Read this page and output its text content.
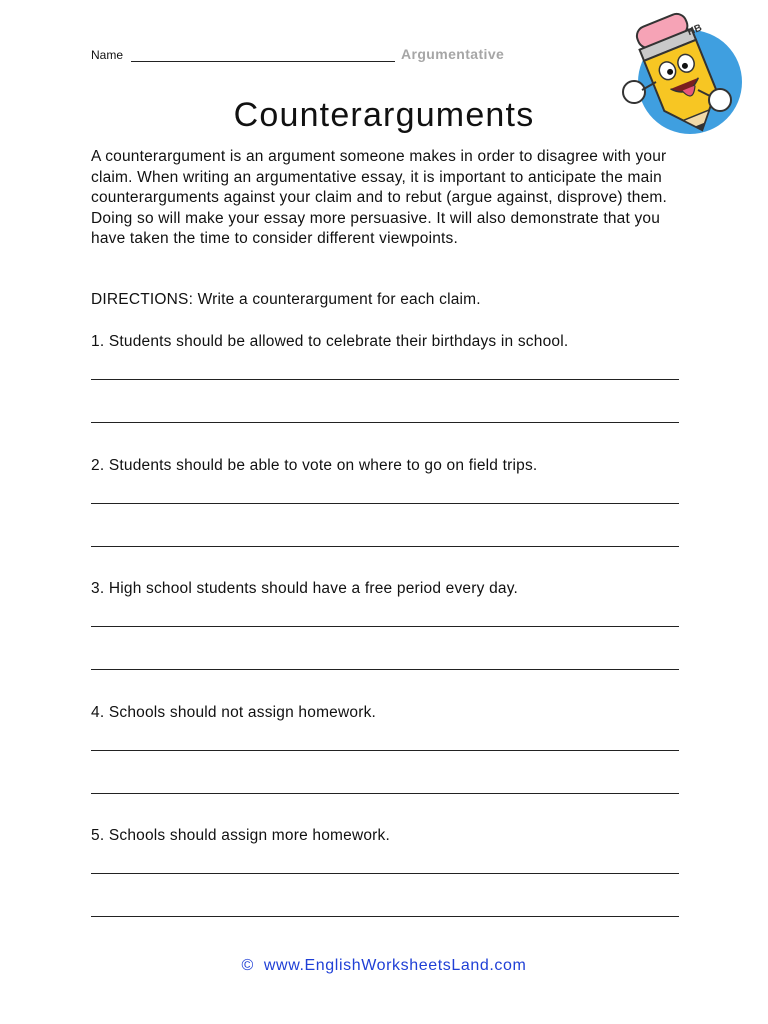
Name	Argumentative
HB
Counterarguments

A counterargument is an argument someone makes in order to disagree with your claim. When writing an argumentative essay, it is important to anticipate the main counterarguments against your claim and to rebut (argue against, disprove) them. Doing so will make your essay more persuasive. It will also demonstrate that you have taken the time to consider different viewpoints.

DIRECTIONS: Write a counterargument for each claim.
1. Students should be allowed to celebrate their birthdays in school.
2. Students should be able to vote on where to go on field trips.
3. High school students should have a free period every day.
4. Schools should not assign homework.
5. Schools should assign more homework.
© www.EnglishWorksheetsLand.com
